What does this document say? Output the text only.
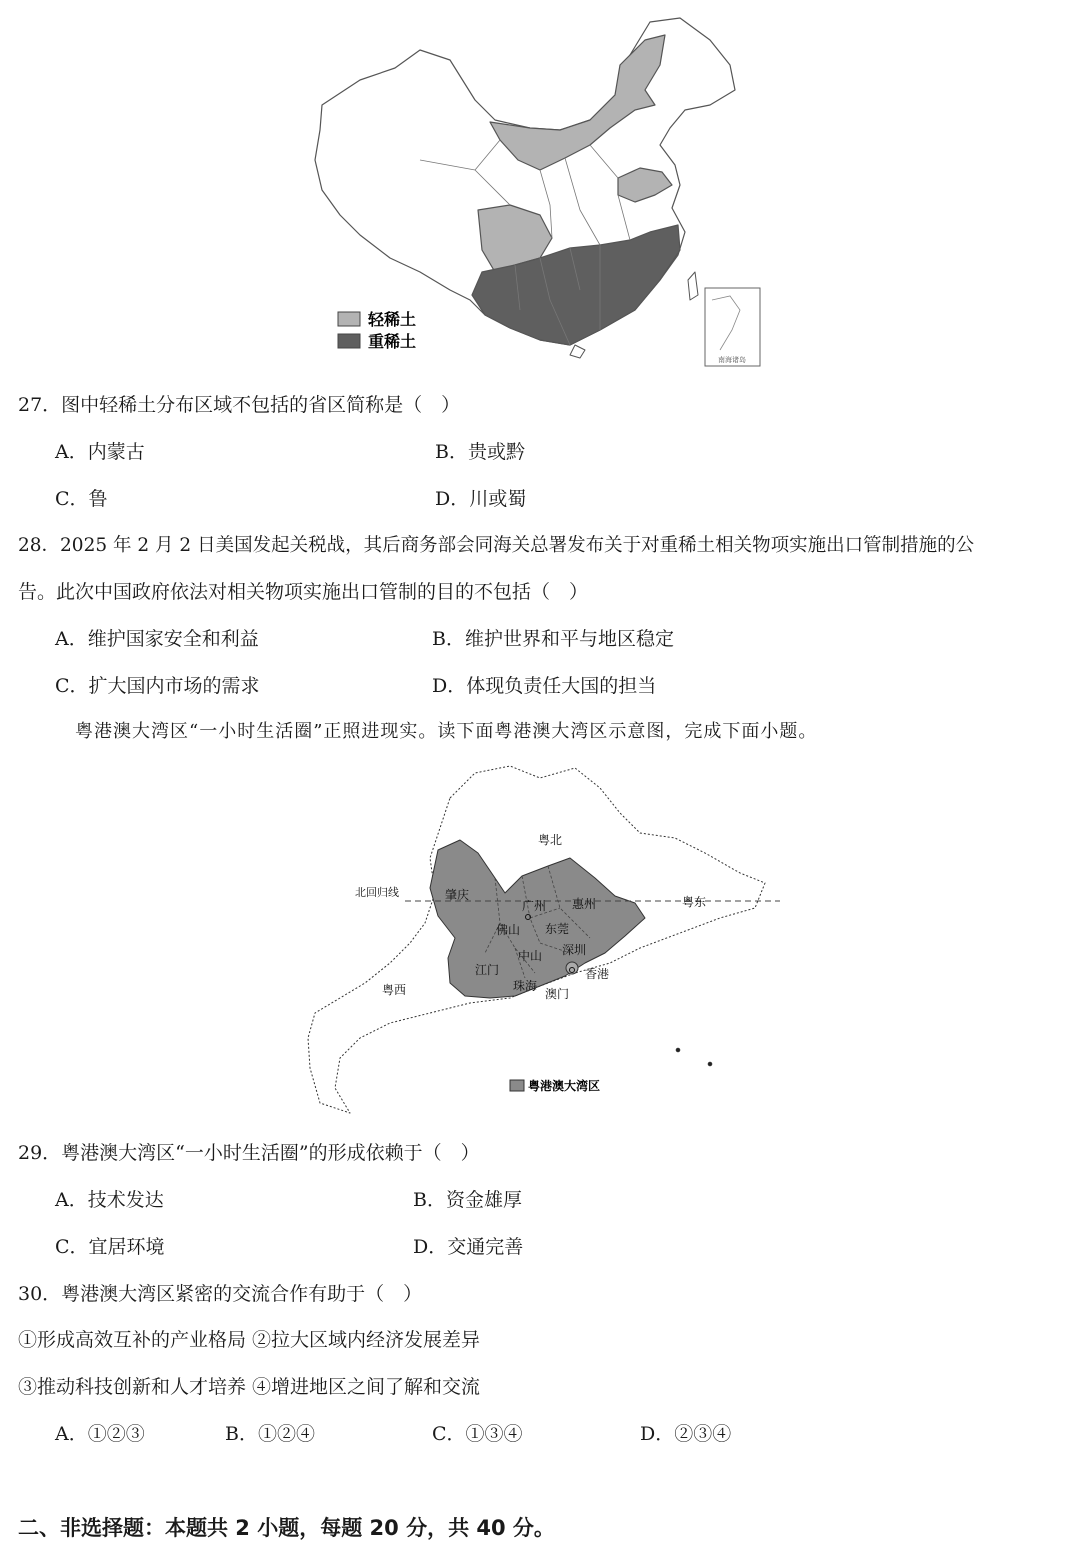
南海诸岛
轻稀土
重稀土
27．图中轻稀土分布区域不包括的省区简称是（　）
A．内蒙古	B．贵或黔
C．鲁	D．川或蜀
28．2025 年 2 月 2 日美国发起关税战，其后商务部会同海关总署发布关于对重稀土相关物项实施出口管制措施的公
告。此次中国政府依法对相关物项实施出口管制的目的不包括（　）
A．维护国家安全和利益	B．维护世界和平与地区稳定
C．扩大国内市场的需求	D．体现负责任大国的担当
粤港澳大湾区“一小时生活圈”正照进现实。读下面粤港澳大湾区示意图，完成下面小题。
北回归线
粤北
粤东
粤西
肇庆
广州 惠州
佛山 东莞
深圳
中山
江门
珠海
澳门
香港
粤港澳大湾区
29．粤港澳大湾区“一小时生活圈”的形成依赖于（　）
A．技术发达	B．资金雄厚
C．宜居环境	D．交通完善
30．粤港澳大湾区紧密的交流合作有助于（　）
①形成高效互补的产业格局 ②拉大区域内经济发展差异
③推动科技创新和人才培养 ④增进地区之间了解和交流
A．①②③	B．①②④	C．①③④	D．②③④
二、非选择题：本题共 2 小题，每题 20 分，共 40 分。
